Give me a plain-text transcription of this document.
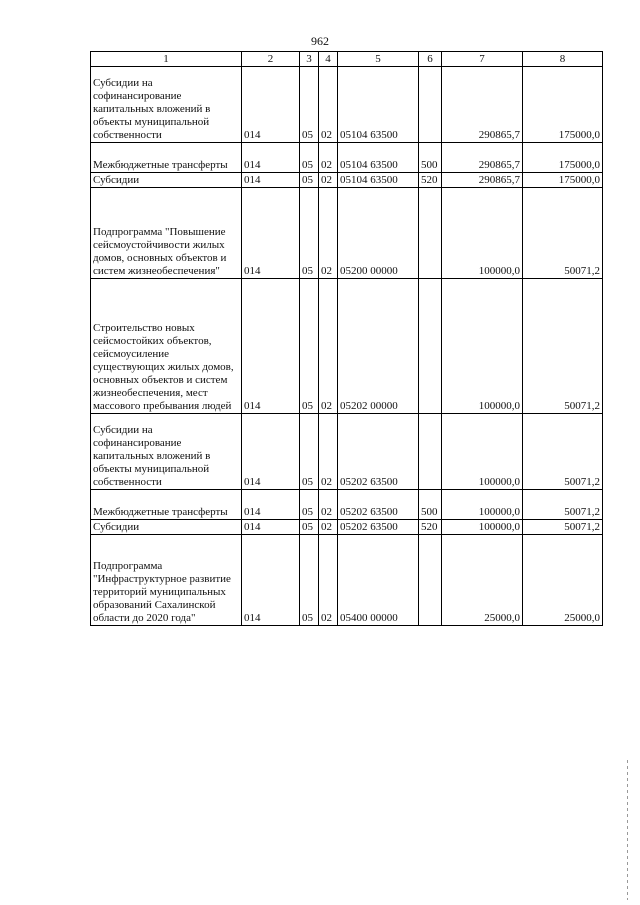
962
1	2	3	4	5	6	7	8
Субсидии на софинансирование капитальных вложений в объекты муниципальной собственности	014	05	02	05104 63500		290865,7	175000,0
Межбюджетные трансферты	014	05	02	05104 63500	500	290865,7	175000,0
Субсидии	014	05	02	05104 63500	520	290865,7	175000,0
Подпрограмма "Повышение сейсмоустойчивости жилых домов, основных объектов и систем жизнеобеспечения"	014	05	02	05200 00000		100000,0	50071,2
Строительство новых сейсмостойких объектов, сейсмоусиление существующих жилых домов, основных объектов и систем жизнеобеспечения, мест массового пребывания людей	014	05	02	05202 00000		100000,0	50071,2
Субсидии на софинансирование капитальных вложений в объекты муниципальной собственности	014	05	02	05202 63500		100000,0	50071,2
Межбюджетные трансферты	014	05	02	05202 63500	500	100000,0	50071,2
Субсидии	014	05	02	05202 63500	520	100000,0	50071,2
Подпрограмма "Инфраструктурное развитие территорий муниципальных образований Сахалинской области до 2020 года"	014	05	02	05400 00000		25000,0	25000,0
